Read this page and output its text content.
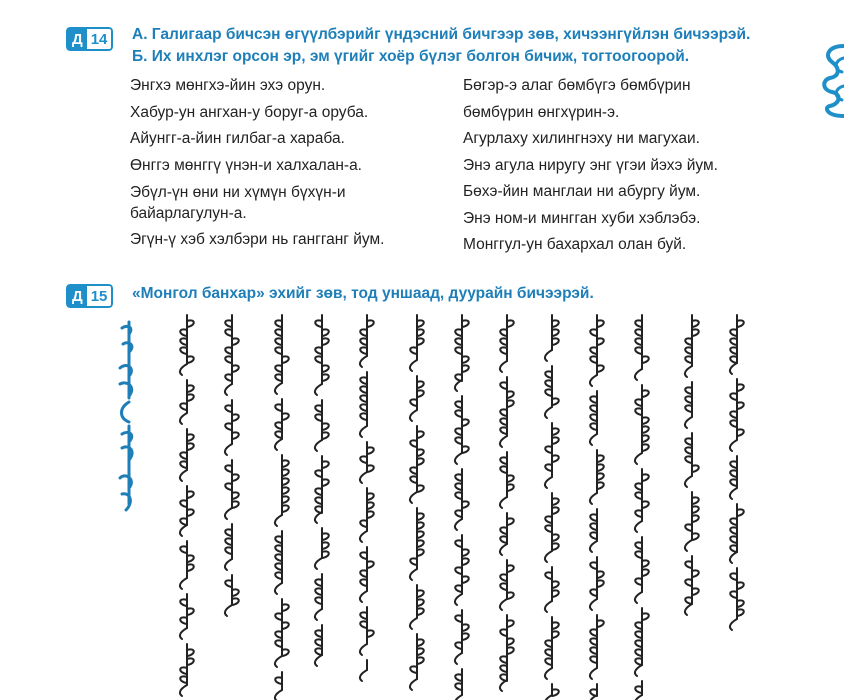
Д 14	А. Галигаар бичсэн өгүүлбэрийг үндэсний бичгээр зөв, хичээнгүйлэн бичээрэй.
Б. Их инхлэг орсон эр, эм үгийг хоёр бүлэг болгон бичиж, тогтоогоорой.
Энгхэ мөнгхэ-йин эхэ орун.
Хабур-ун ангхан-у боруг-а оруба.
Айунгг-а-йин гилбаг-а хараба.
Өнггэ мөнггү үнэн-и халхалан-а.
Эбүл-үн өни ни хүмүн бүхүн-и
байарлагулун-а.
Эгүн-ү хэб хэлбэри нь гангганг йум.
Бөгэр-э алаг бөмбүгэ бөмбүрин
бөмбүрин өнгхүрин-э.
Агурлаху хилингнэху ни магухаи.
Энэ агула ниругу энг үгэи йэхэ йум.
Бөхэ-йин манглаи ни абургу йум.
Энэ ном-и мингган хуби хэблэбэ.
Монггул-ун бахархал олан буй.
Д 15	«Монгол банхар» эхийг зөв, тод уншаад, дуурайн бичээрэй.
